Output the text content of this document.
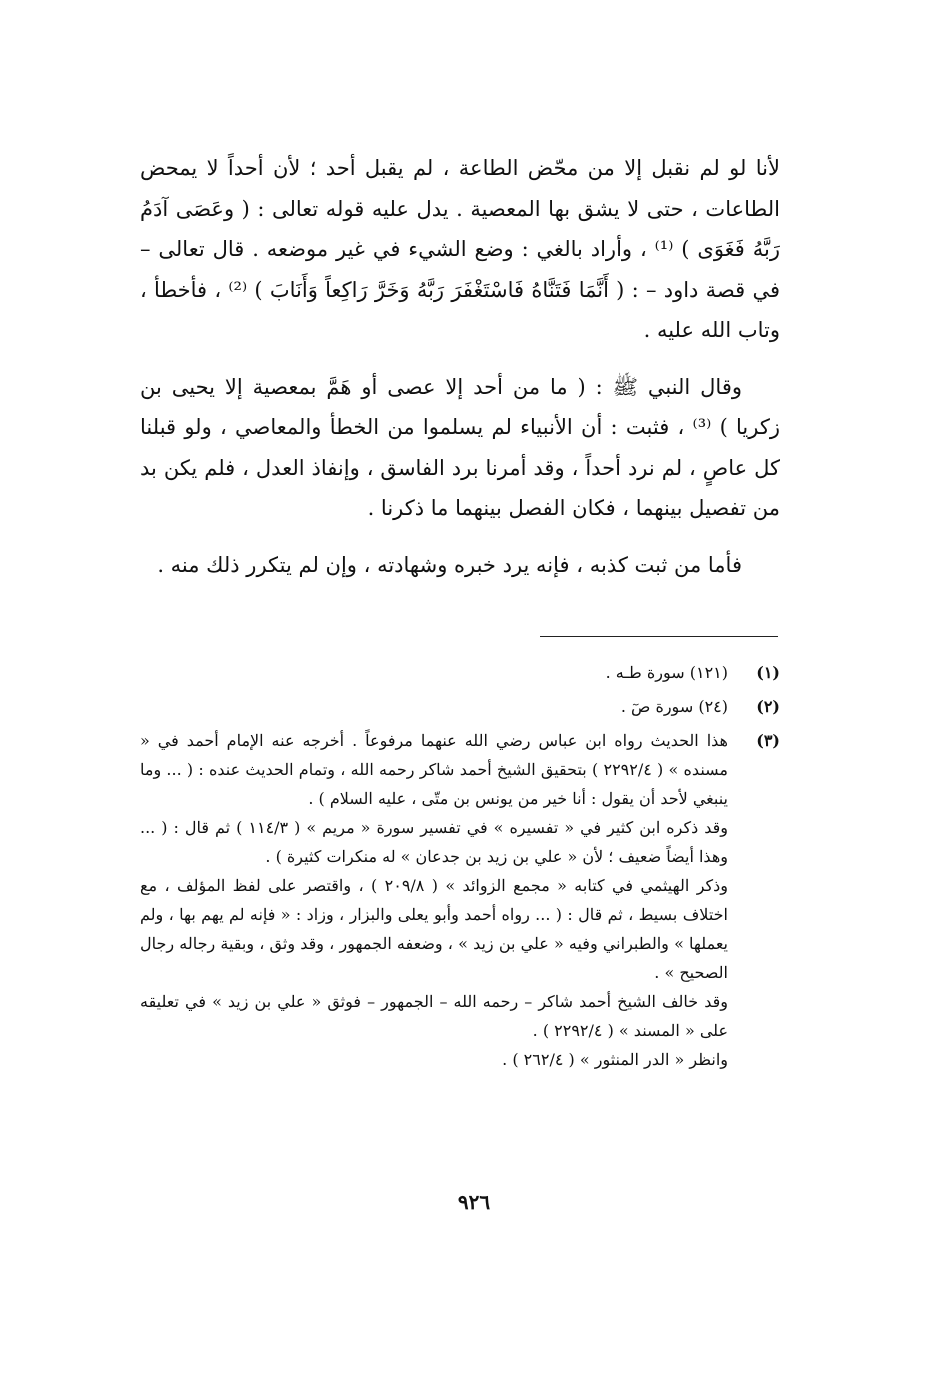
لأنا لو لم نقبل إلا من محّض الطاعة ، لم يقبل أحد ؛ لأن أحداً لا يمحض الطاعات ، حتى لا يشق بها المعصية . يدل عليه قوله تعالى : ( وعَصَى آدَمُ رَبَّهُ فَغَوَى ) ⁽¹⁾ ، وأراد بالغي : وضع الشيء في غير موضعه . قال تعالى – في قصة داود – : ( أَنَّمَا فَتَنَّاهُ فَاسْتَغْفَرَ رَبَّهُ وَخَرَّ رَاكِعاً وَأَنَابَ ) ⁽²⁾ ، فأخطأ ، وتاب الله عليه .

وقال النبي ﷺ : ( ما من أحد إلا عصى أو هَمَّ بمعصية إلا يحيى بن زكريا ) ⁽³⁾ ، فثبت : أن الأنبياء لم يسلموا من الخطأ والمعاصي ، ولو قبلنا كل عاصٍ ، لم نرد أحداً ، وقد أمرنا برد الفاسق ، وإنفاذ العدل ، فلم يكن بد من تفصيل بينهما ، فكان الفصل بينهما ما ذكرنا .

فأما من ثبت كذبه ، فإنه يرد خبره وشهادته ، وإن لم يتكرر ذلك منه .

(١)
(١٢١) سورة طـه .
(٢)
(٢٤) سورة صٓ .
(٣)
هذا الحديث رواه ابن عباس رضي الله عنهما مرفوعاً . أخرجه عنه الإمام أحمد في « مسنده » ( ٢٢٩٢/٤ ) بتحقيق الشيخ أحمد شاكر رحمه الله ، وتمام الحديث عنده : ( ... وما ينبغي لأحد أن يقول : أنا خير من يونس بن متّى ، عليه السلام ) .
وقد ذكره ابن كثير في « تفسيره » في تفسير سورة « مريم » ( ١١٤/٣ ) ثم قال : ( ... وهذا أيضاً ضعيف ؛ لأن « علي بن زيد بن جدعان » له منكرات كثيرة ) .
وذكر الهيثمي في كتابه « مجمع الزوائد » ( ٢٠٩/٨ ) ، واقتصر على لفظ المؤلف ، مع اختلاف بسيط ، ثم قال : ( ... رواه أحمد وأبو يعلى والبزار ، وزاد : « فإنه لم يهم بها ، ولم يعملها » والطبراني وفيه « علي بن زيد » ، وضعفه الجمهور ، وقد وثق ، وبقية رجاله رجال الصحيح » .
وقد خالف الشيخ أحمد شاكر – رحمه الله – الجمهور – فوثق « علي بن زيد » في تعليقه على « المسند » ( ٢٢٩٢/٤ ) .
وانظر « الدر المنثور » ( ٢٦٢/٤ ) .
٩٢٦
